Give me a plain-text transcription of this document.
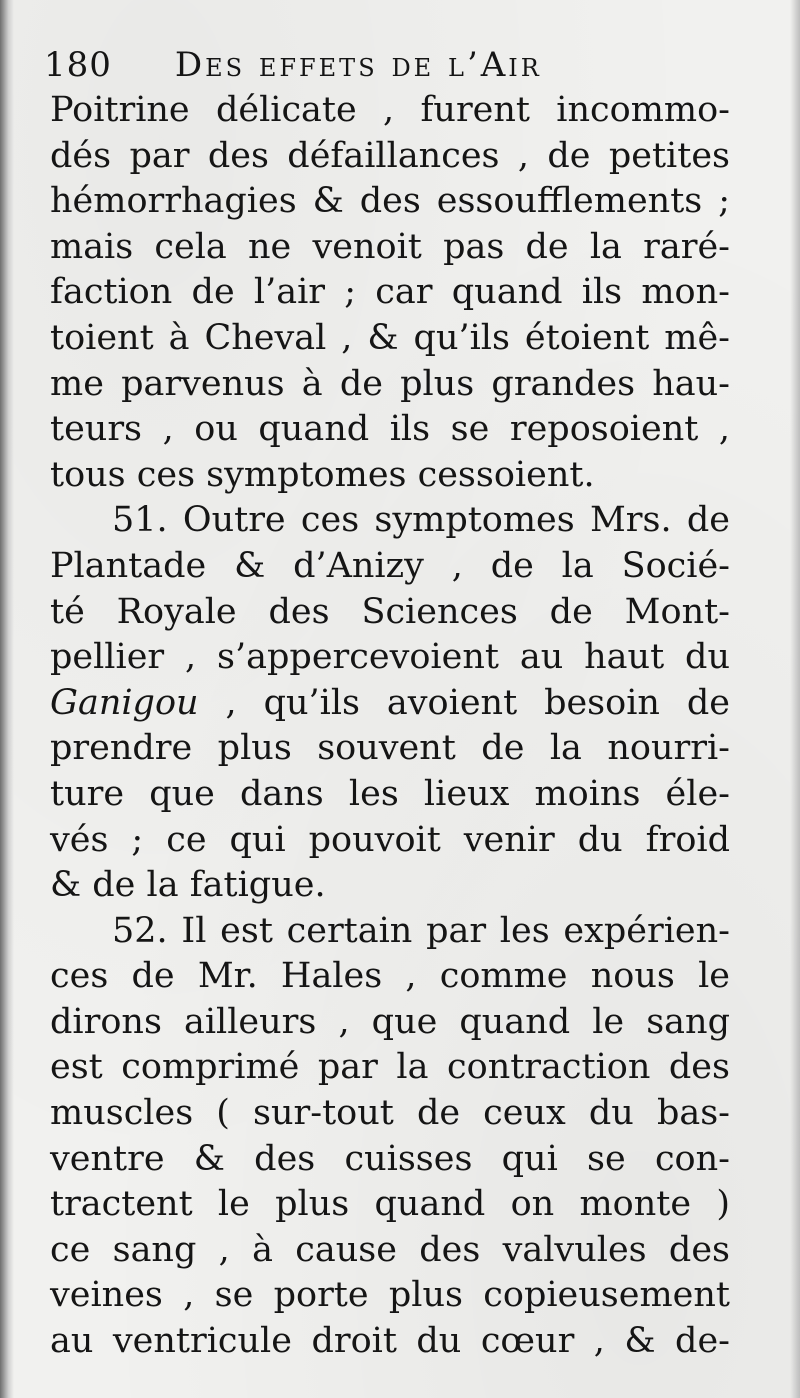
180 Des effets de l’Air
Poitrine délicate , furent incommo-
dés par des défaillances , de petites
hémorrhagies & des essoufflements ;
mais cela ne venoit pas de la raré-
faction de l’air ; car quand ils mon-
toient à Cheval , & qu’ils étoient mê-
me parvenus à de plus grandes hau-
teurs , ou quand ils se reposoient ,
tous ces symptomes cessoient.
51. Outre ces symptomes Mrs. de
Plantade & d’Anizy , de la Socié-
té Royale des Sciences de Mont-
pellier , s’appercevoient au haut du
Ganigou , qu’ils avoient besoin de
prendre plus souvent de la nourri-
ture que dans les lieux moins éle-
vés ; ce qui pouvoit venir du froid
& de la fatigue.
52. Il est certain par les expérien-
ces de Mr. Hales , comme nous le
dirons ailleurs , que quand le sang
est comprimé par la contraction des
muscles ( sur-tout de ceux du bas-
ventre & des cuisses qui se con-
tractent le plus quand on monte )
ce sang , à cause des valvules des
veines , se porte plus copieusement
au ventricule droit du cœur , & de-
